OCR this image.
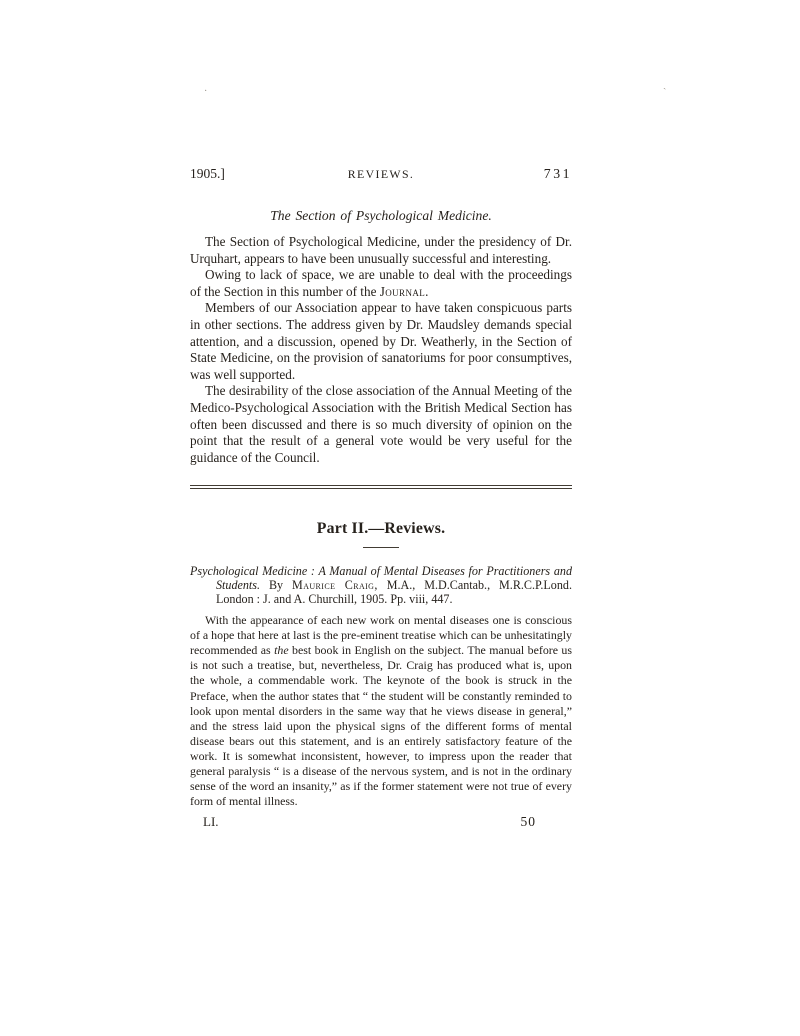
·
ˏ
1905.]	REVIEWS.	731
The Section of Psychological Medicine.

The Section of Psychological Medicine, under the presidency of Dr. Urquhart, appears to have been unusually successful and interesting.

Owing to lack of space, we are unable to deal with the proceedings of the Section in this number of the Journal.

Members of our Association appear to have taken conspicuous parts in other sections. The address given by Dr. Maudsley demands special attention, and a discussion, opened by Dr. Weatherly, in the Section of State Medicine, on the provision of sanatoriums for poor consumptives, was well supported.

The desirability of the close association of the Annual Meeting of the Medico-Psychological Association with the British Medical Section has often been discussed and there is so much diversity of opinion on the point that the result of a general vote would be very useful for the guidance of the Council.

Part II.—Reviews.

Psychological Medicine : A Manual of Mental Diseases for Practitioners and Students. By Maurice Craig, M.A., M.D.Cantab., M.R.C.P.Lond. London : J. and A. Churchill, 1905. Pp. viii, 447.

With the appearance of each new work on mental diseases one is conscious of a hope that here at last is the pre-eminent treatise which can be unhesitatingly recommended as the best book in English on the subject. The manual before us is not such a treatise, but, nevertheless, Dr. Craig has produced what is, upon the whole, a commendable work. The keynote of the book is struck in the Preface, when the author states that “ the student will be constantly reminded to look upon mental disorders in the same way that he views disease in general,” and the stress laid upon the physical signs of the different forms of mental disease bears out this statement, and is an entirely satisfactory feature of the work. It is somewhat inconsistent, however, to impress upon the reader that general paralysis “ is a disease of the nervous system, and is not in the ordinary sense of the word an insanity,” as if the former statement were not true of every form of mental illness.

LI.	50
